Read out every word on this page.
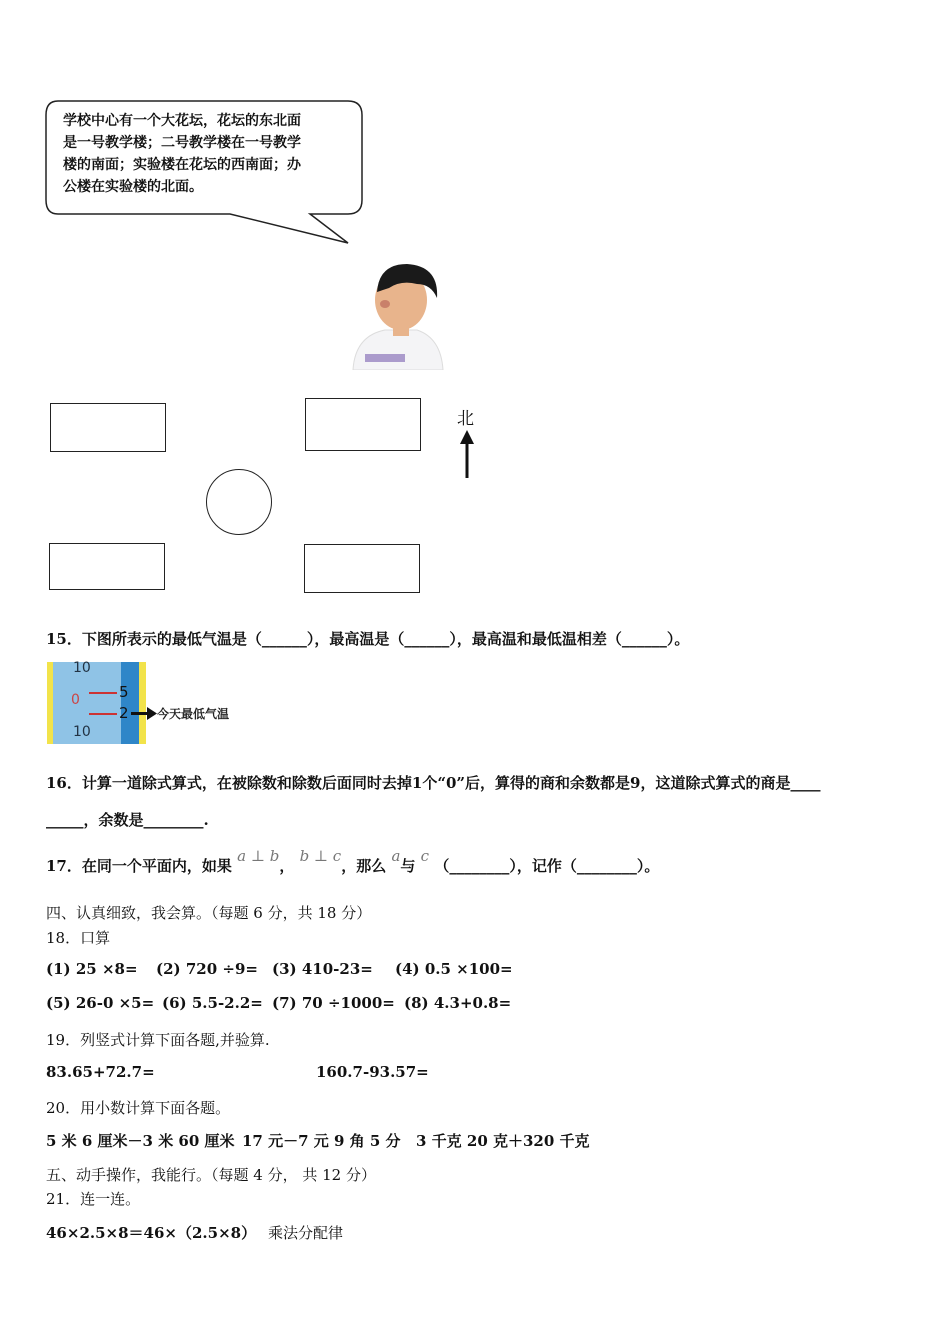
学校中心有一个大花坛，花坛的东北面
是一号教学楼；二号教学楼在一号教学
楼的南面；实验楼在花坛的西南面；办
公楼在实验楼的北面。
北
15．下图所表示的最低气温是（______），最高温是（______），最高温和最低温相差（______）。
10
0
10
5
2 今天最低气温
16．计算一道除式算式，在被除数和除数后面同时去掉1个“0”后，算得的商和余数都是9，这道除式算式的商是____
_____，余数是________.
17．在同一个平面内，如果 a ⊥ b， b ⊥ c，那么 a与 c （________），记作（________）。
四、认真细致，我会算。（每题 6 分，共 18 分）
18．口算
(1) 25 ×8= (2) 720 ÷9= (3) 410-23= (4) 0.5 ×100=
(5) 26-0 ×5= (6) 5.5-2.2= (7) 70 ÷1000= (8) 4.3+0.8=
19．列竖式计算下面各题,并验算.
83.65+72.7=	160.7-93.57=
20．用小数计算下面各题。
5 米 6 厘米－3 米 60 厘米 17 元－7 元 9 角 5 分 3 千克 20 克＋320 千克
五、动手操作，我能行。（每题 4 分， 共 12 分）
21．连一连。
46×2.5×8＝46×（2.5×8） 乘法分配律
